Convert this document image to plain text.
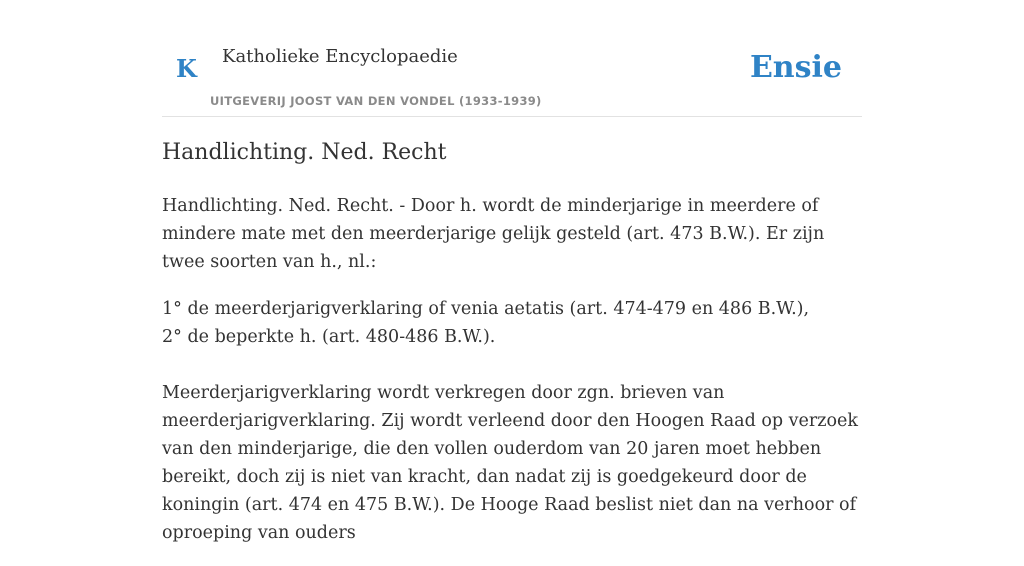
K Katholieke Encyclopaedie
UITGEVERIJ JOOST VAN DEN VONDEL (1933-1939)
Ensie
Handlichting. Ned. Recht

Handlichting. Ned. Recht. - Door h. wordt de minderjarige in meerdere of mindere mate met den meerderjarige gelijk gesteld (art. 473 B.W.). Er zijn twee soorten van h., nl.:

1° de meerderjarigverklaring of venia aetatis (art. 474-479 en 486 B.W.),
2° de beperkte h. (art. 480-486 B.W.).

Meerderjarigverklaring wordt verkregen door zgn. brieven van meerderjarigverklaring. Zij wordt verleend door den Hoogen Raad op verzoek van den minderjarige, die den vollen ouderdom van 20 jaren moet hebben bereikt, doch zij is niet van kracht, dan nadat zij is goedgekeurd door de koningin (art. 474 en 475 B.W.). De Hooge Raad beslist niet dan na verhoor of oproeping van ouders
